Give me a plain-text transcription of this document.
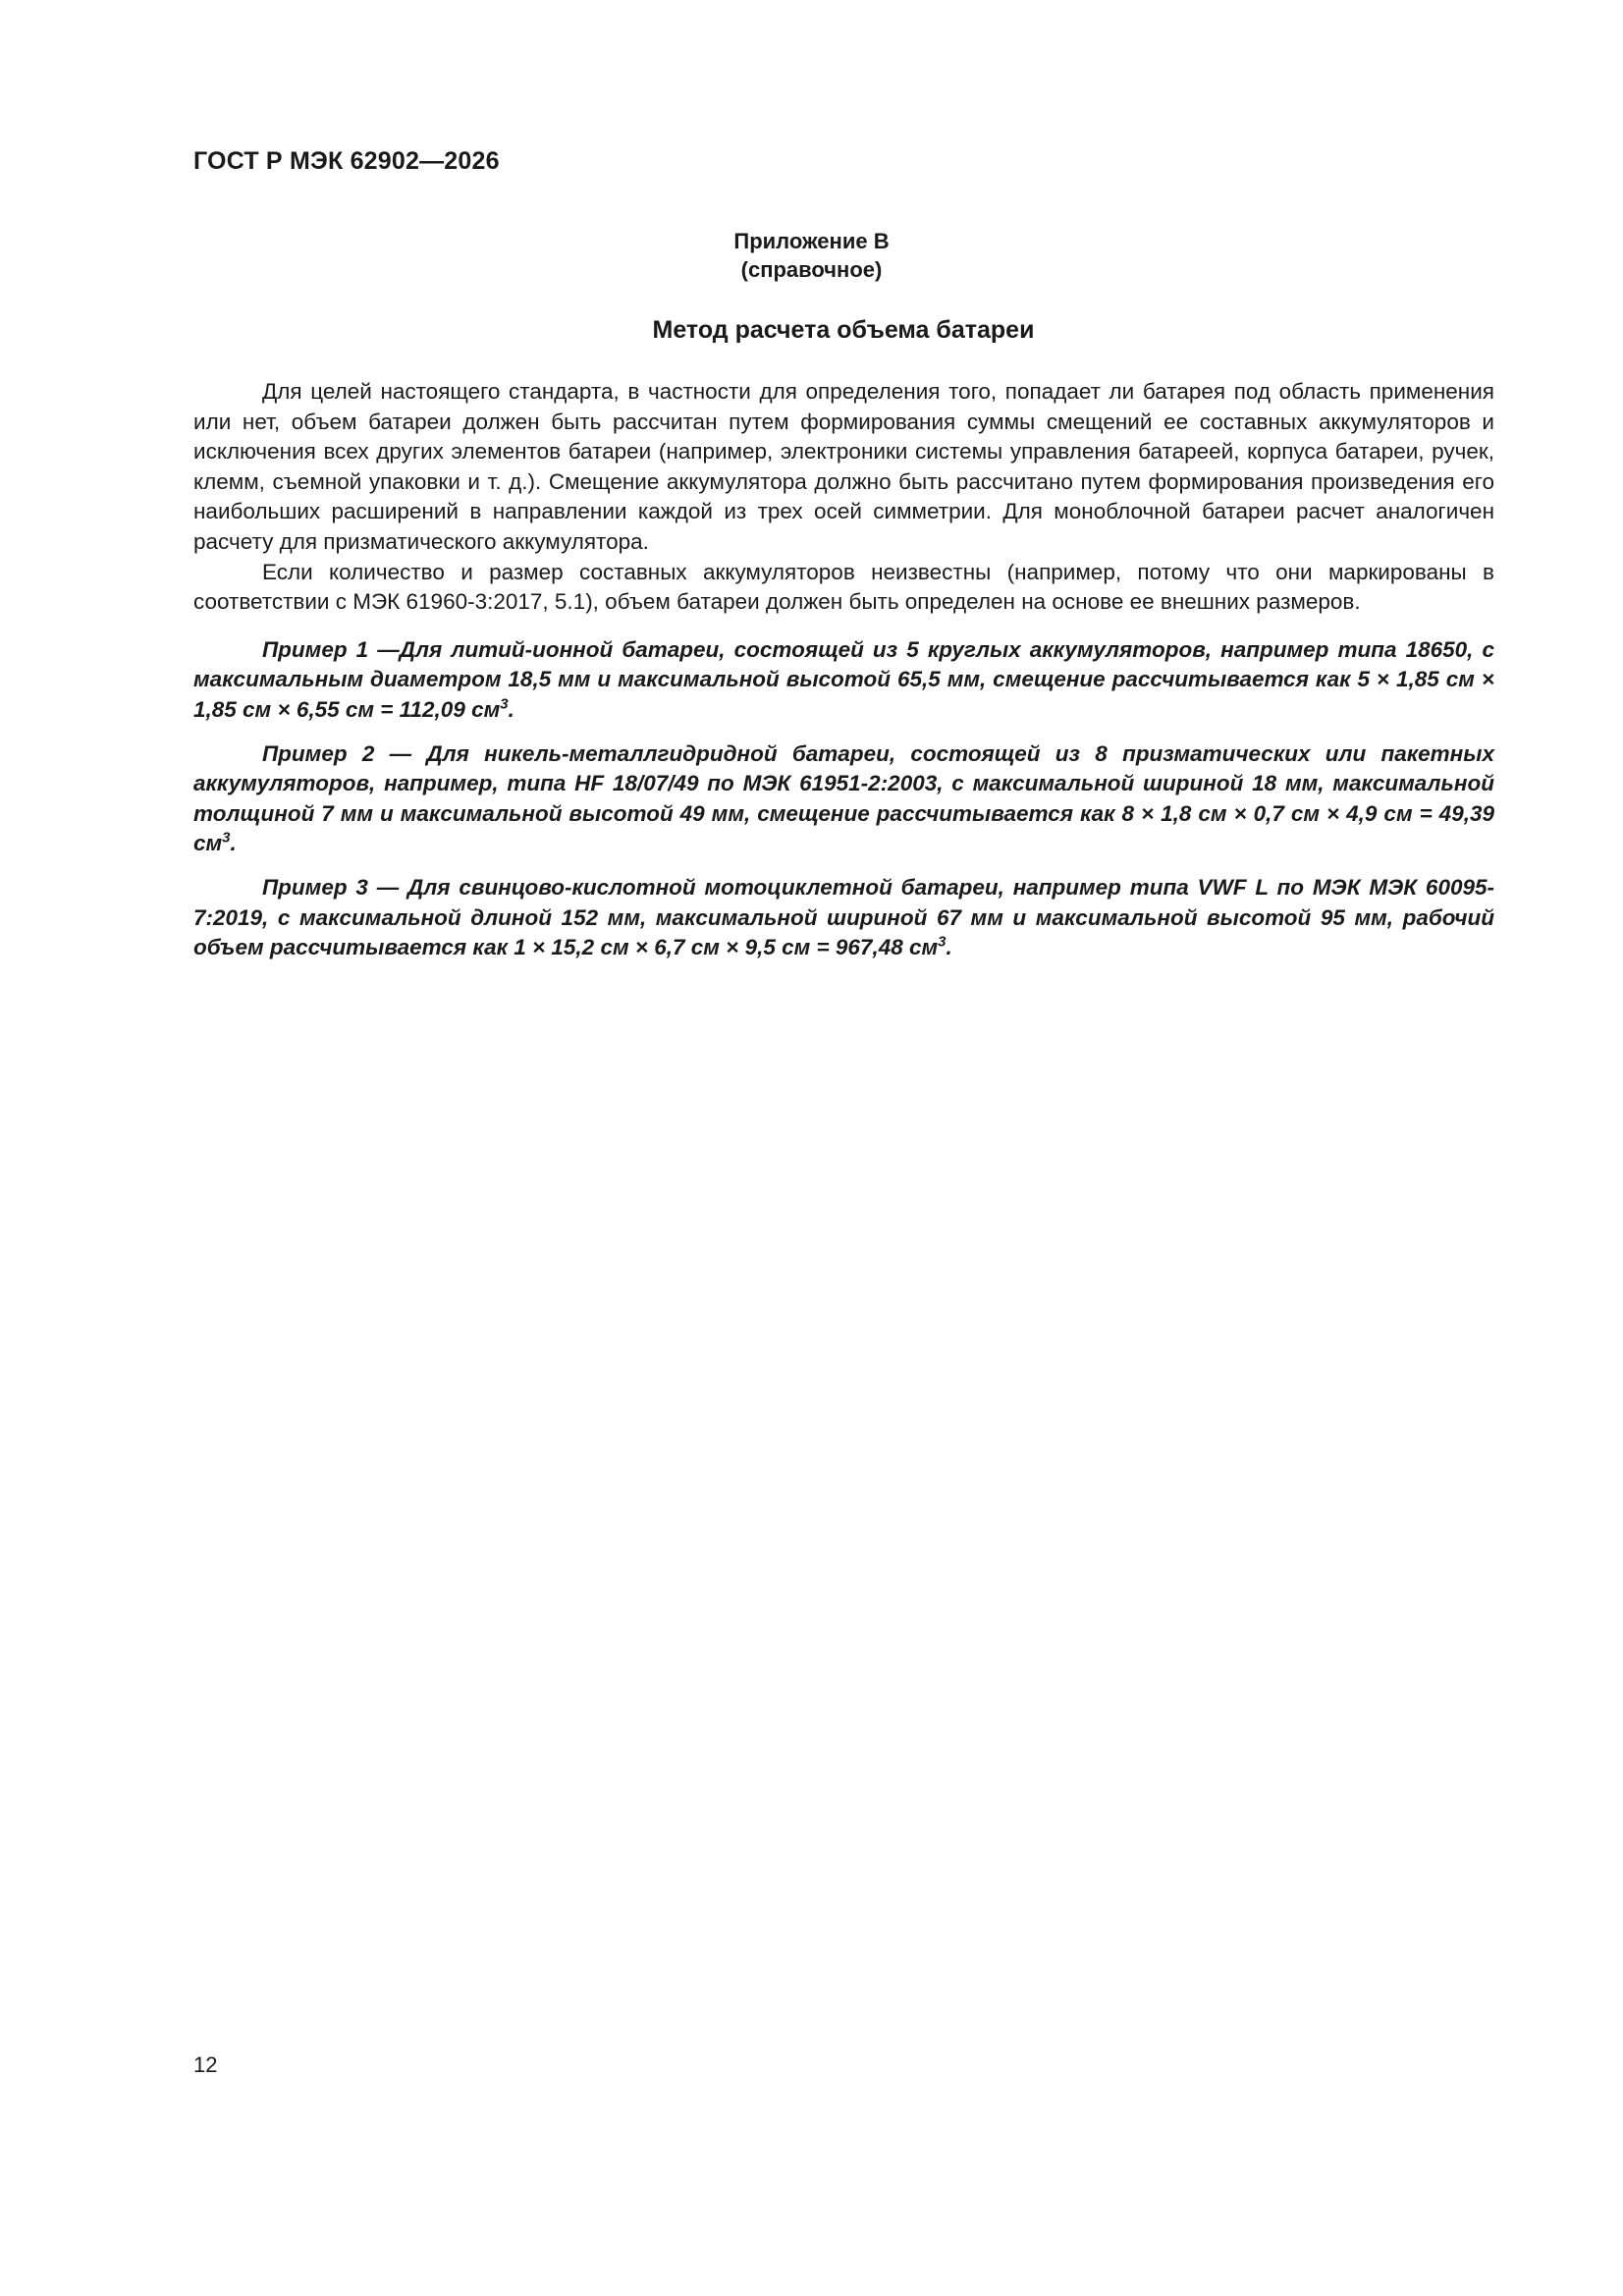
ГОСТ Р МЭК 62902—2026
Приложение В
(справочное)
Метод расчета объема батареи

Для целей настоящего стандарта, в частности для определения того, попадает ли батарея под область применения или нет, объем батареи должен быть рассчитан путем формирования суммы смещений ее составных аккумуляторов и исключения всех других элементов батареи (например, электроники системы управления батареей, корпуса батареи, ручек, клемм, съемной упаковки и т. д.). Смещение аккумулятора должно быть рассчитано путем формирования произведения его наибольших расширений в направлении каждой из трех осей симметрии. Для моноблочной батареи расчет аналогичен расчету для призматического аккумулятора.

Если количество и размер составных аккумуляторов неизвестны (например, потому что они маркированы в соответствии с МЭК 61960-3:2017, 5.1), объем батареи должен быть определен на основе ее внешних размеров.

Пример 1 —Для литий-ионной батареи, состоящей из 5 круглых аккумуляторов, например типа 18650, с максимальным диаметром 18,5 мм и максимальной высотой 65,5 мм, смещение рассчитывается как 5 × 1,85 см × 1,85 см × 6,55 см = 112,09 $см^3$.

Пример 2 — Для никель-металлгидридной батареи, состоящей из 8 призматических или пакетных аккумуляторов, например, типа HF 18/07/49 по МЭК 61951-2:2003, с максимальной шириной 18 мм, максимальной толщиной 7 мм и максимальной высотой 49 мм, смещение рассчитывается как 8 × 1,8 см × 0,7 см × 4,9 см = 49,39 $см^3$.

Пример 3 — Для свинцово-кислотной мотоциклетной батареи, например типа VWF L по МЭК МЭК 60095-7:2019, с максимальной длиной 152 мм, максимальной шириной 67 мм и максимальной высотой 95 мм, рабочий объем рассчитывается как 1 × 15,2 см × 6,7 см × 9,5 см = 967,48 $см^3$.

12
